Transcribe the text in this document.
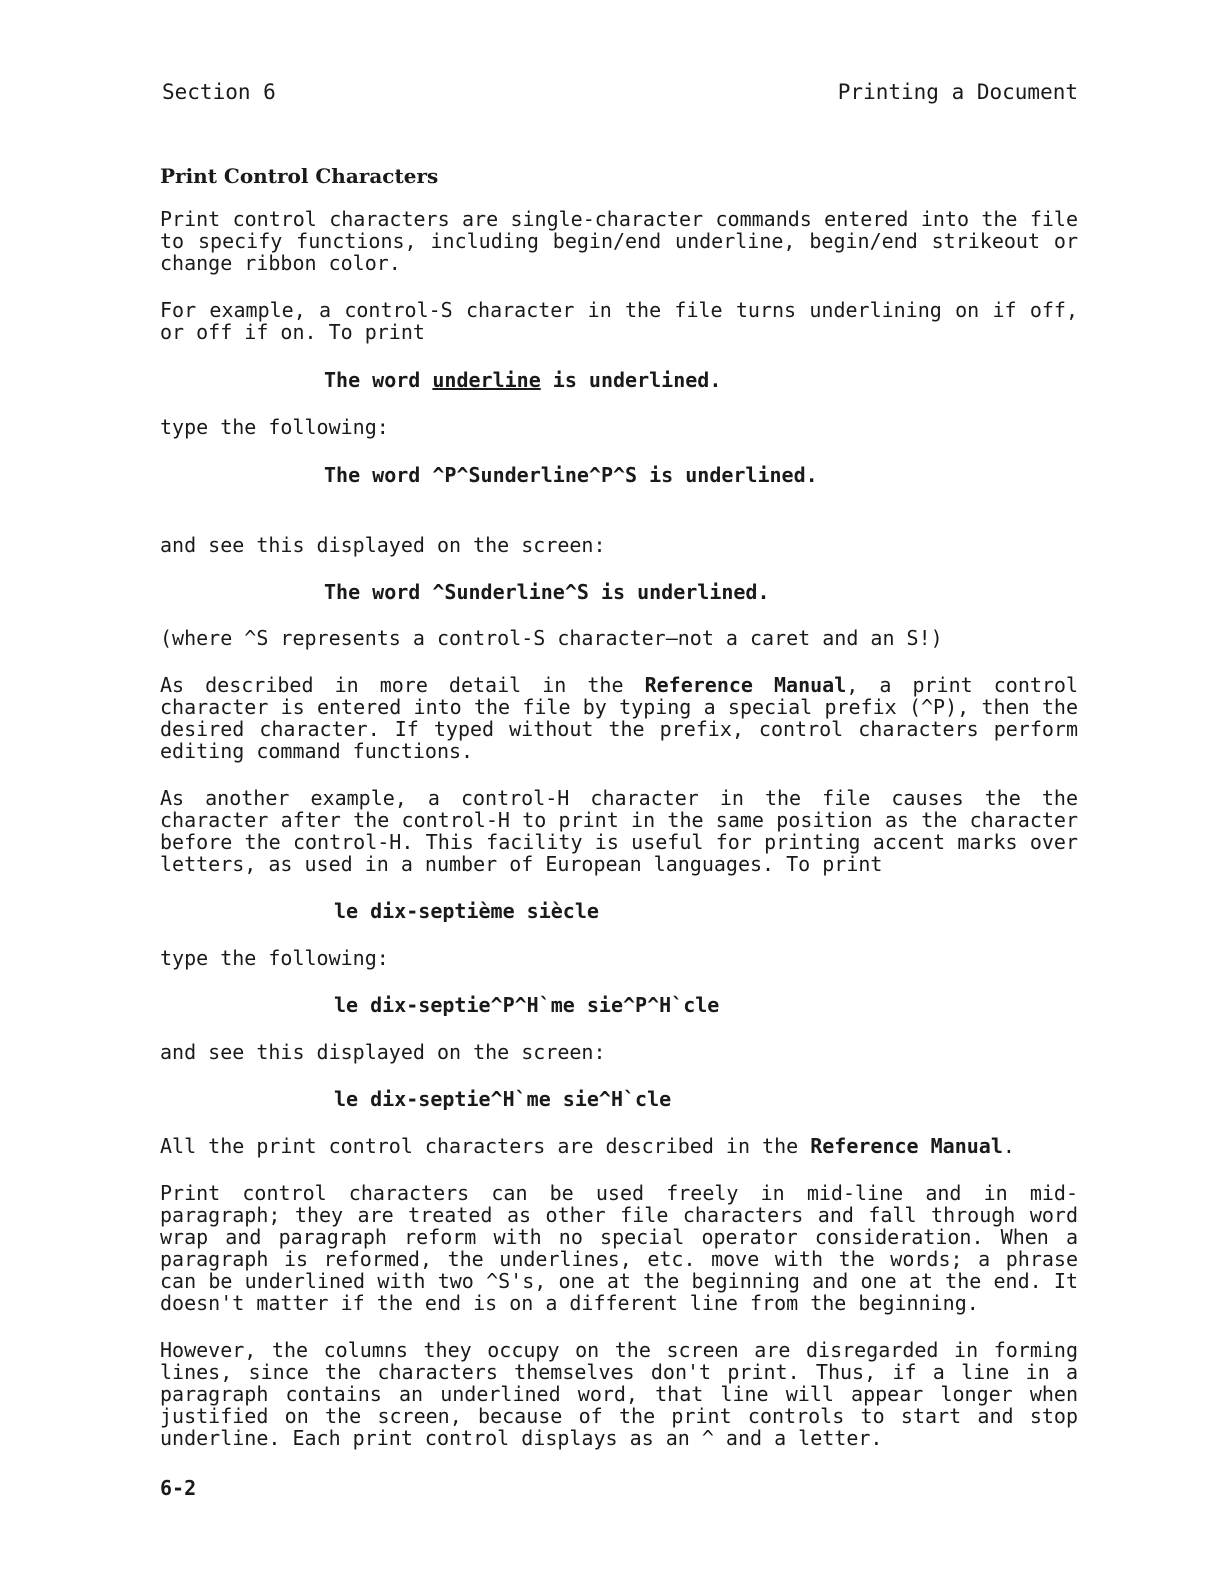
Section 6	Printing a Document
Print Control Characters

Print control characters are single-character commands entered into the file to specify functions, including begin/end underline, begin/end strikeout or change ribbon color.

For example, a control-S character in the file turns underlining on if off, or off if on. To print

The word underline is underlined.

type the following:

The word ^P^Sunderline^P^S is underlined.

and see this displayed on the screen:

The word ^Sunderline^S is underlined.

(where ^S represents a control-S character—not a caret and an S!)

As described in more detail in the Reference Manual, a print control character is entered into the file by typing a special prefix (^P), then the desired character. If typed without the prefix, control characters perform editing command functions.

As another example, a control-H character in the file causes the the character after the control-H to print in the same position as the character before the control-H. This facility is useful for printing accent marks over letters, as used in a number of European languages. To print

le dix-septième siècle

type the following:

le dix-septie^P^H`me sie^P^H`cle

and see this displayed on the screen:

le dix-septie^H`me sie^H`cle

All the print control characters are described in the Reference Manual.

Print control characters can be used freely in mid-line and in mid-paragraph; they are treated as other file characters and fall through word wrap and paragraph reform with no special operator consideration. When a paragraph is reformed, the underlines, etc. move with the words; a phrase can be underlined with two ^S's, one at the beginning and one at the end. It doesn't matter if the end is on a different line from the beginning.

However, the columns they occupy on the screen are disregarded in forming lines, since the characters themselves don't print. Thus, if a line in a paragraph contains an underlined word, that line will appear longer when justified on the screen, because of the print controls to start and stop underline. Each print control displays as an ^ and a letter.

6-2
